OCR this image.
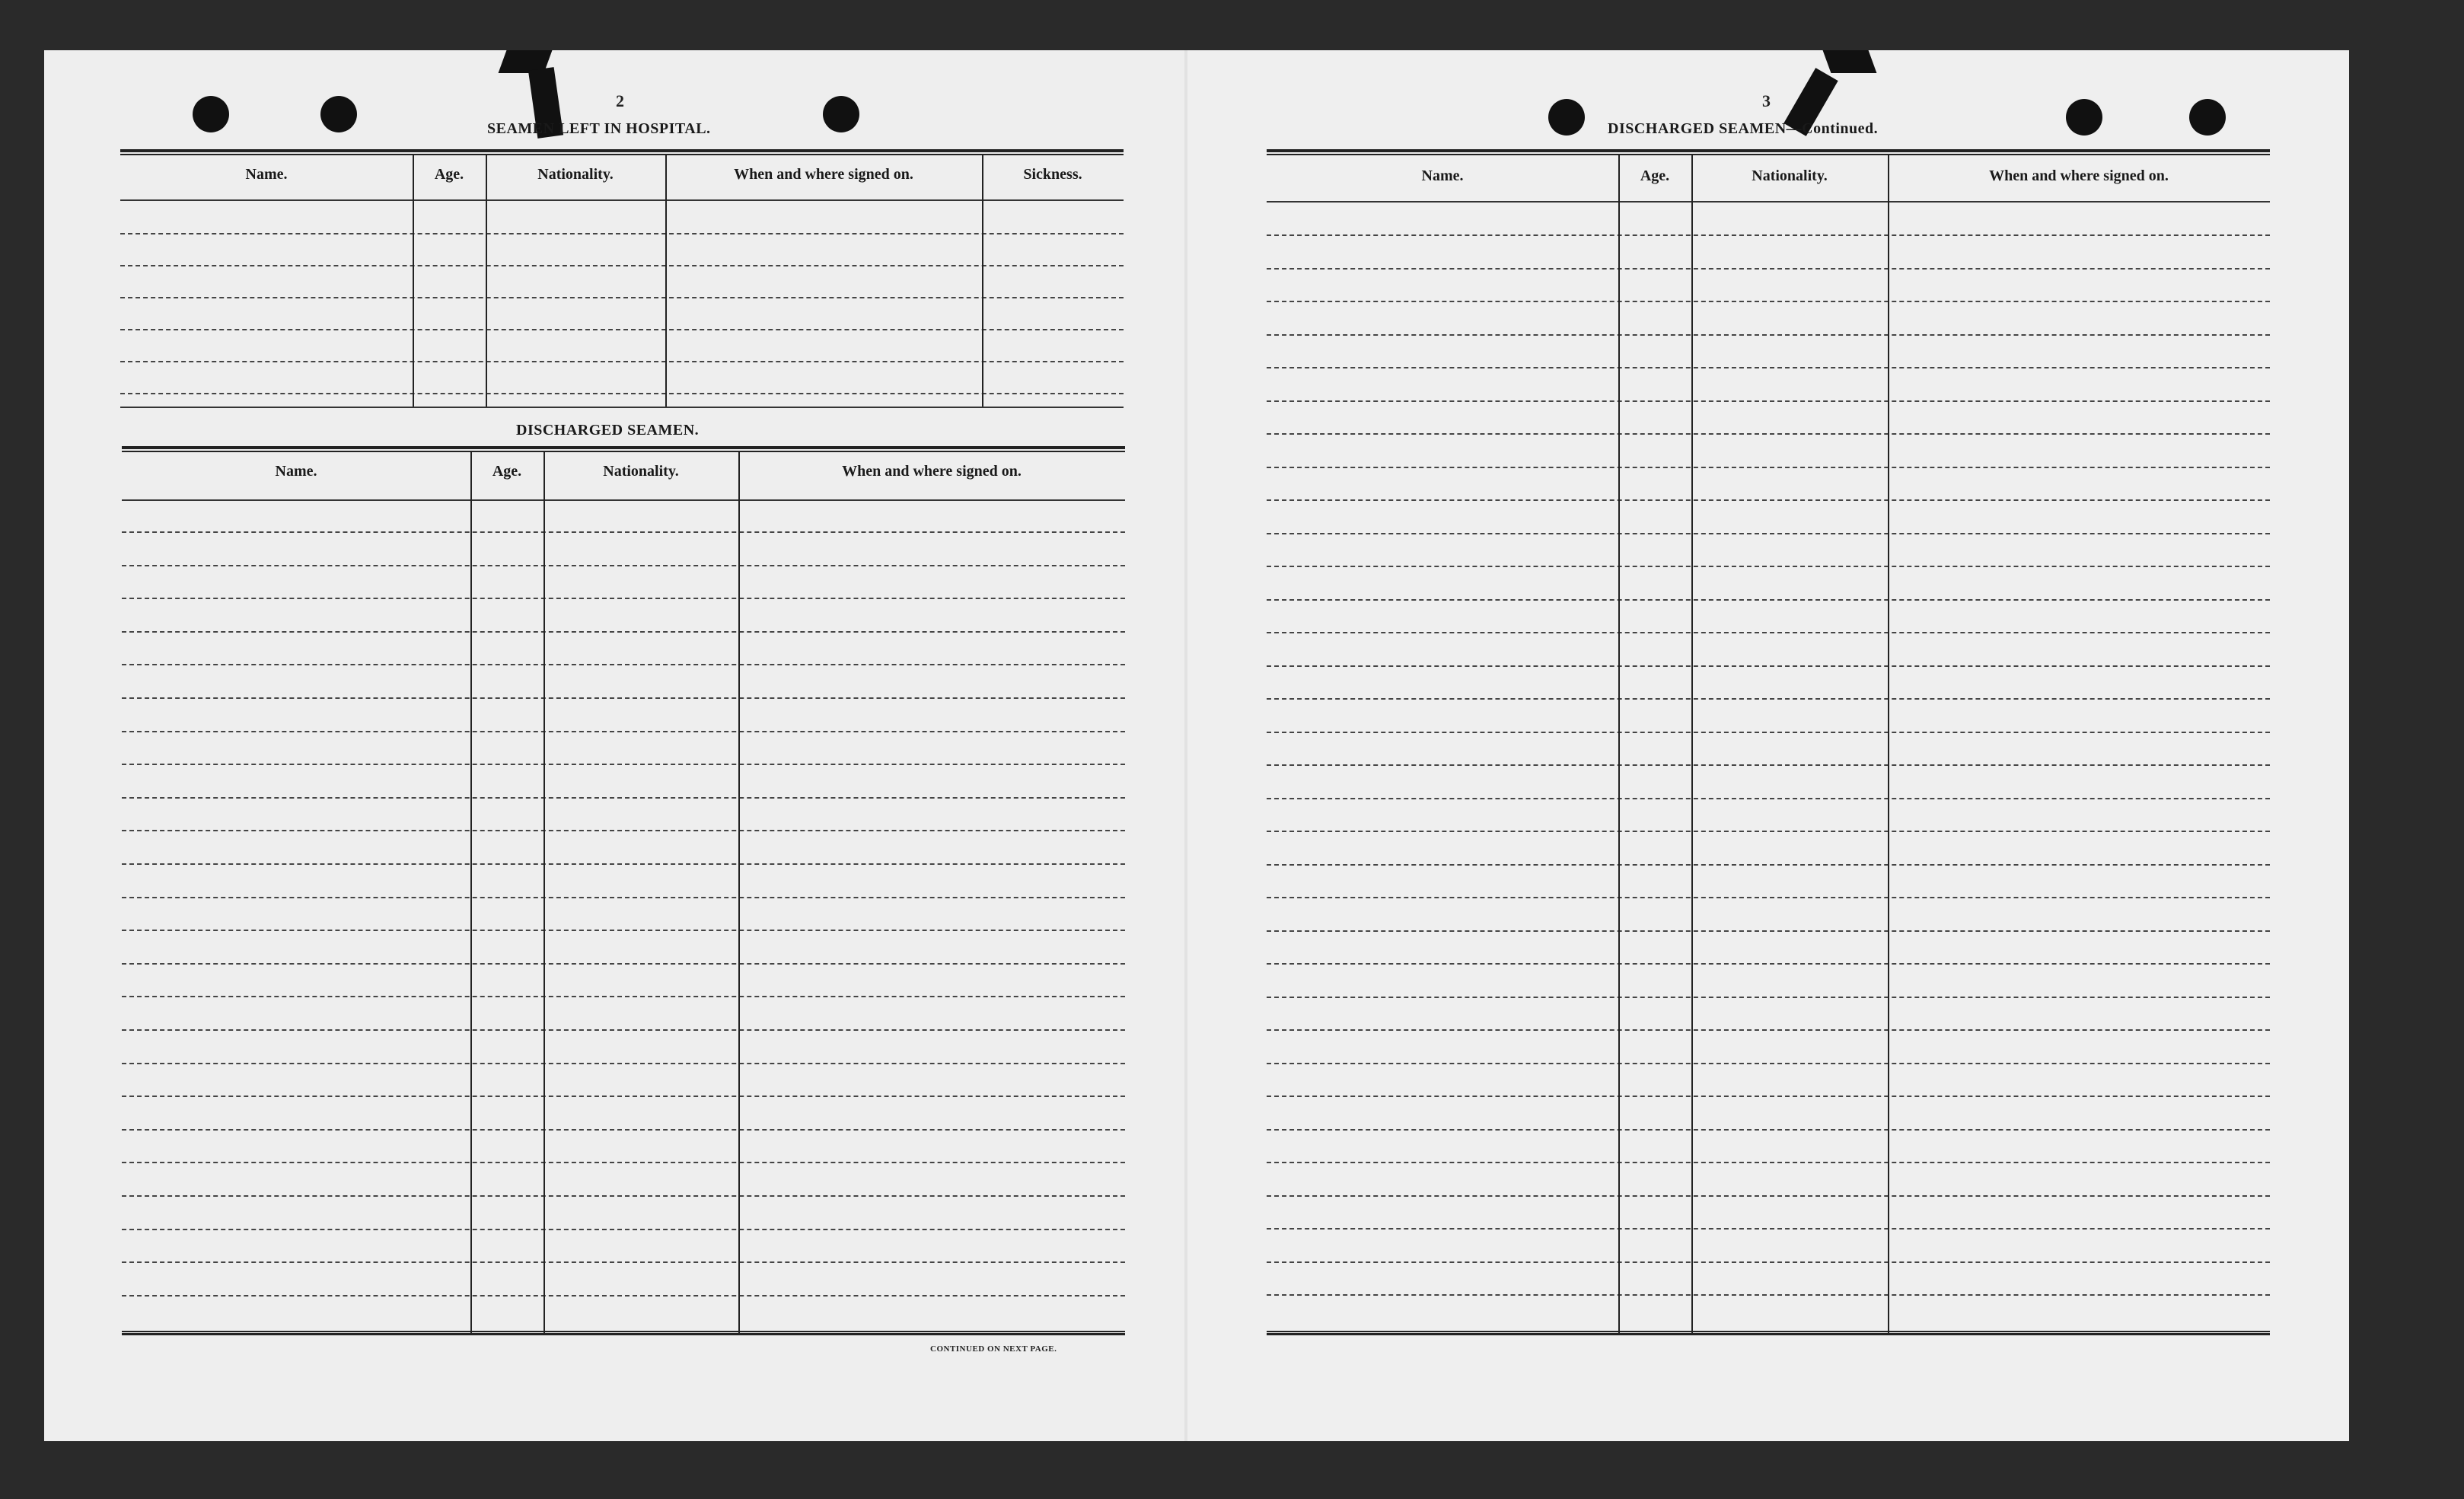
2
SEAMEN LEFT IN HOSPITAL.
Name.	Age.	Nationality.	When and where signed on.	Sickness.
DISCHARGED SEAMEN.
Name.	Age.	Nationality.	When and where signed on.
CONTINUED ON NEXT PAGE.
3
DISCHARGED SEAMEN—Continued.
Name.	Age.	Nationality.	When and where signed on.
